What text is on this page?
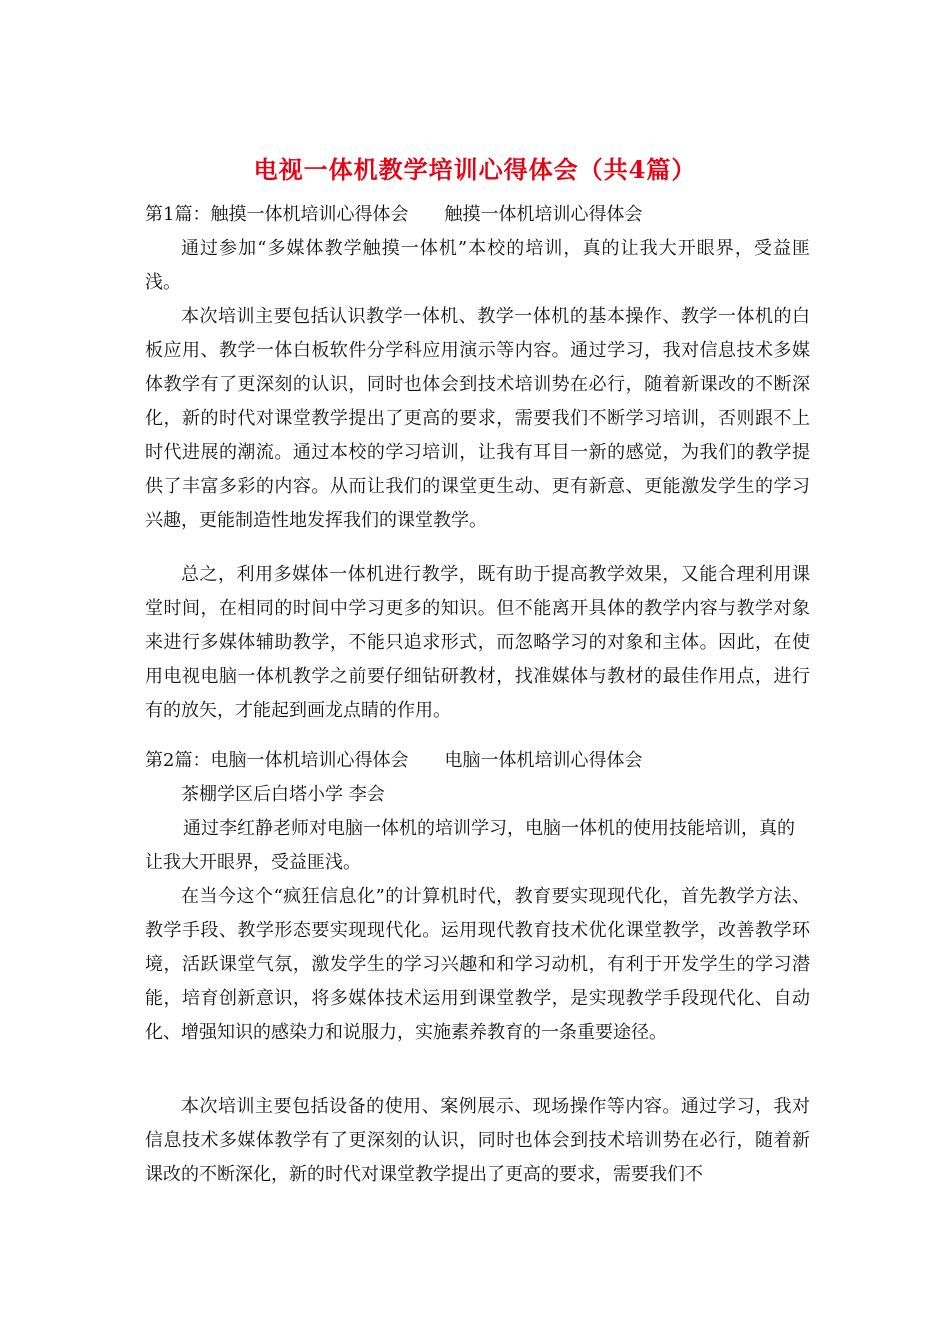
电视一体机教学培训心得体会（共4篇）
第1篇：触摸一体机培训心得体会　　触摸一体机培训心得体会
通过参加“多媒体教学触摸一体机”本校的培训，真的让我大开眼界，受益匪浅。
本次培训主要包括认识教学一体机、教学一体机的基本操作、教学一体机的白板应用、教学一体白板软件分学科应用演示等内容。通过学习，我对信息技术多媒体教学有了更深刻的认识，同时也体会到技术培训势在必行，随着新课改的不断深化，新的时代对课堂教学提出了更高的要求，需要我们不断学习培训，否则跟不上时代进展的潮流。通过本校的学习培训，让我有耳目一新的感觉，为我们的教学提供了丰富多彩的内容。从而让我们的课堂更生动、更有新意、更能激发学生的学习兴趣，更能制造性地发挥我们的课堂教学。
总之，利用多媒体一体机进行教学，既有助于提高教学效果，又能合理利用课堂时间，在相同的时间中学习更多的知识。但不能离开具体的教学内容与教学对象来进行多媒体辅助教学，不能只追求形式，而忽略学习的对象和主体。因此，在使用电视电脑一体机教学之前要仔细钻研教材，找准媒体与教材的最佳作用点，进行有的放矢，才能起到画龙点睛的作用。
第2篇：电脑一体机培训心得体会　　电脑一体机培训心得体会
茶棚学区后白塔小学 李会
通过李红静老师对电脑一体机的培训学习，电脑一体机的使用技能培训，真的让我大开眼界，受益匪浅。
在当今这个“疯狂信息化”的计算机时代，教育要实现现代化，首先教学方法、教学手段、教学形态要实现现代化。运用现代教育技术优化课堂教学，改善教学环境，活跃课堂气氛，激发学生的学习兴趣和和学习动机，有利于开发学生的学习潜能，培育创新意识，将多媒体技术运用到课堂教学，是实现教学手段现代化、自动化、增强知识的感染力和说服力，实施素养教育的一条重要途径。
本次培训主要包括设备的使用、案例展示、现场操作等内容。通过学习，我对信息技术多媒体教学有了更深刻的认识，同时也体会到技术培训势在必行，随着新课改的不断深化，新的时代对课堂教学提出了更高的要求，需要我们不
